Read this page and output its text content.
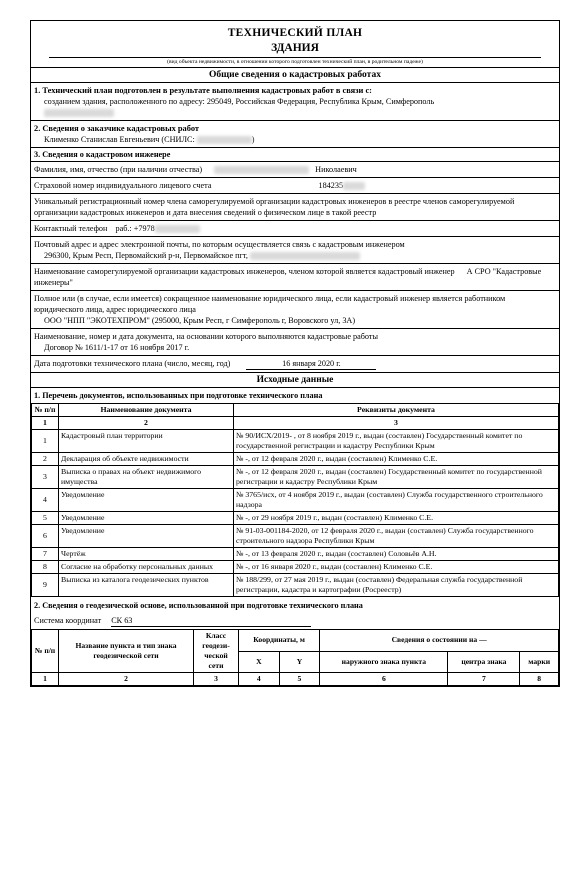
ТЕХНИЧЕСКИЙ ПЛАН
ЗДАНИЯ
(вид объекта недвижимости, в отношении которого подготовлен технический план, в родительном падеже)
Общие сведения о кадастровых работах
1. Технический план подготовлен в результате выполнения кадастровых работ в связи с:
созданием здания, расположенного по адресу: 295049, Российская Федерация, Республика Крым, Симферополь

2. Сведения о заказчике кадастровых работ
Клименко Станислав Евгеньевич (СНИЛС:	)
3. Сведения о кадастровом инженере
Фамилия, имя, отчество (при наличии отчества)	Николаевич
Страховой номер индивидуального лицевого счета	184235
Уникальный регистрационный номер члена саморегулируемой организации кадастровых инженеров в реестре членов саморегулируемой организации кадастровых инженеров и дата внесения сведений о физическом лице в такой реестр
Контактный телефон раб.: +7978
Почтовый адрес и адрес электронной почты, по которым осуществляется связь с кадастровым инженером
296300, Крым Респ, Первомайский р-н, Первомайское пгт,
Наименование саморегулируемой организации кадастровых инженеров, членом которой является кадастровый инженер А СРО "Кадастровые инженеры"
Полное или (в случае, если имеется) сокращенное наименование юридического лица, если кадастровый инженер является работником юридического лица, адрес юридического лица
ООО "НПП "ЭКОТЕХПРОМ" (295000, Крым Респ, г Симферополь г, Воровского ул, 3А)
Наименование, номер и дата документа, на основании которого выполняются кадастровые работы
Договор № 1611/1-17 от 16 ноября 2017 г.
Дата подготовки технического плана (число, месяц, год)	16 января 2020 г.
Исходные данные
1. Перечень документов, использованных при подготовке технического плана
№ п/п	Наименование документа	Реквизиты документа
1	2	3
1	Кадастровый план территории	№ 90/ИСХ/2019- , от 8 ноября 2019 г., выдан (составлен) Государственный комитет по государственной регистрации и кадастру Республики Крым
2	Декларация об объекте недвижимости	№ -, от 12 февраля 2020 г., выдан (составлен) Клименко С.Е.
3	Выписка о правах на объект недвижимого имущества	№ -, от 12 февраля 2020 г., выдан (составлен) Государственный комитет по государственной регистрации и кадастру Республики Крым
4	Уведомление	№ 3765/исх, от 4 ноября 2019 г., выдан (составлен) Служба государственного строительного надзора
5	Уведомление	№ -, от 29 ноября 2019 г., выдан (составлен) Клименко С.Е.
6	Уведомление	№ 91-03-001184-2020, от 12 февраля 2020 г., выдан (составлен) Служба государственного строительного надзора Республики Крым
7	Чертёж	№ -, от 13 февраля 2020 г., выдан (составлен) Соловьёв А.Н.
8	Согласие на обработку персональных данных	№ -, от 16 января 2020 г., выдан (составлен) Клименко С.Е.
9	Выписка из каталога геодезических пунктов	№ 188/299, от 27 мая 2019 г., выдан (составлен) Федеральная служба государственной регистрации, кадастра и картографии (Росреестр)
2. Сведения о геодезической основе, использованной при подготовке технического плана
Система координат СК 63
№ п/п	Название пункта и тип знака геодезической сети	Класс геодези-ческой сети	Координаты, м		Сведения о состоянии на —		
			X	Y	наружного знака пункта	центра знака	марки
1	2	3	4	5	6	7	8
